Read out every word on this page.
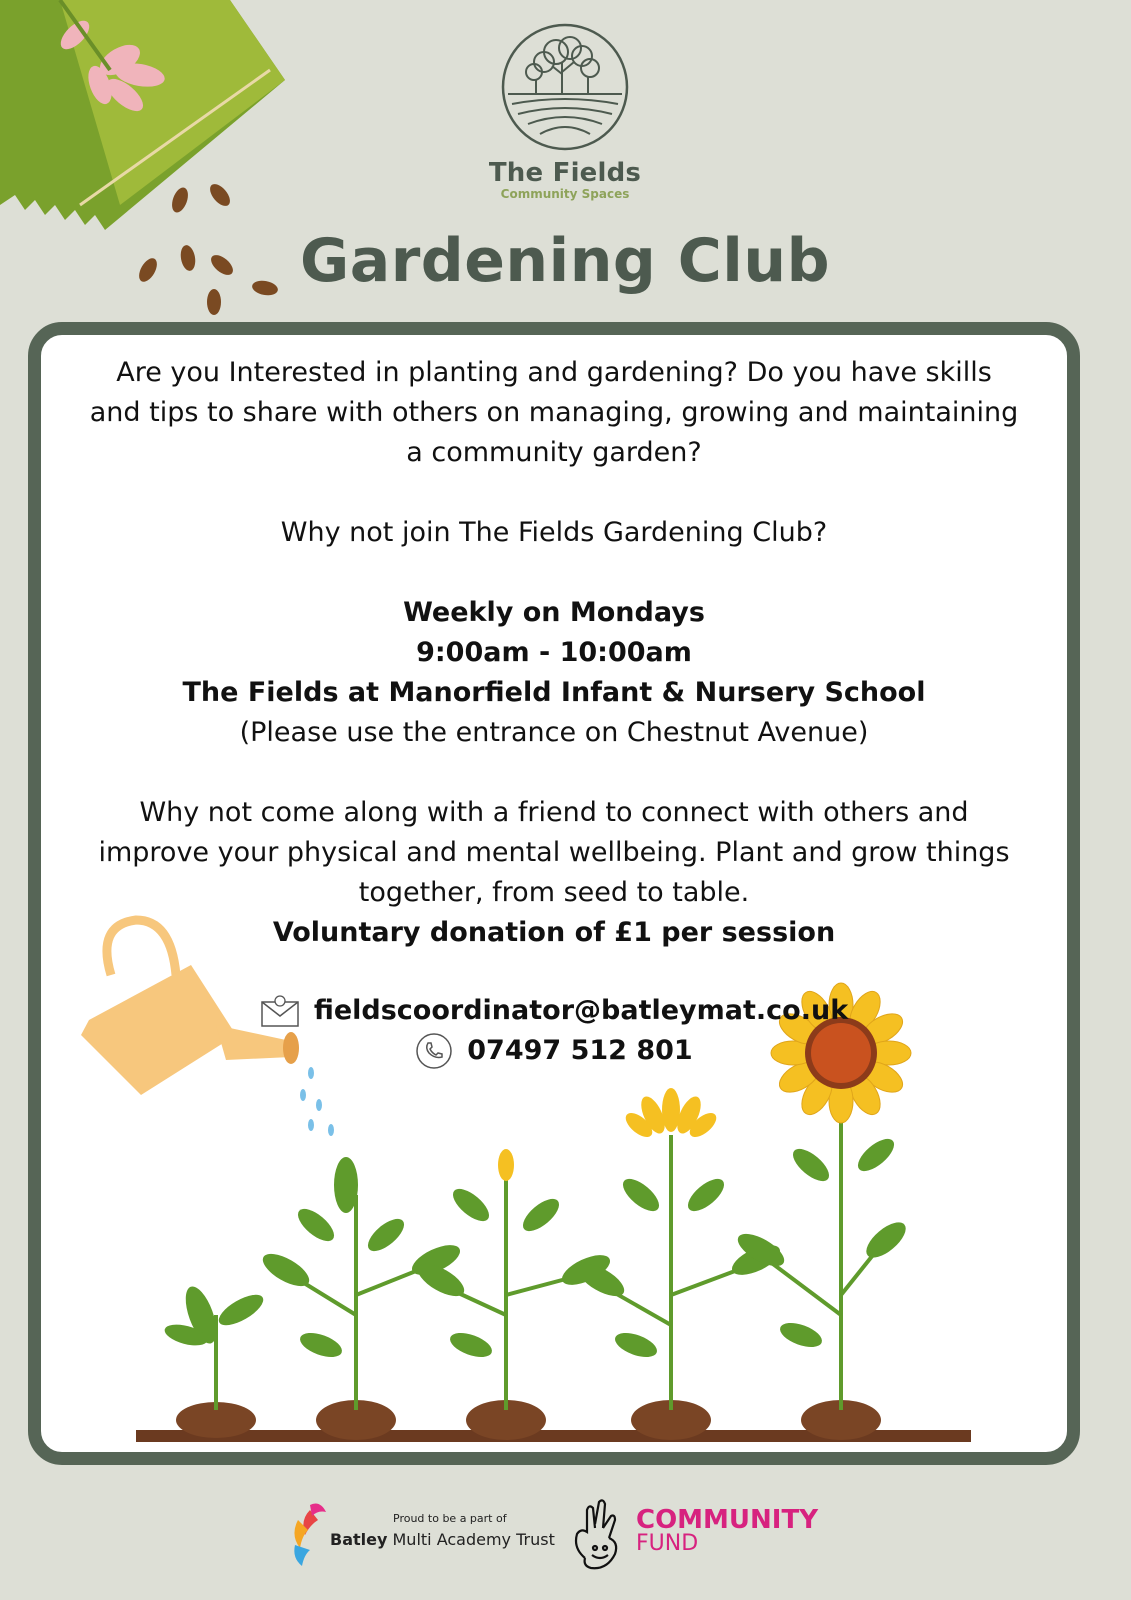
The Fields
Community Spaces
Gardening Club

Are you Interested in planting and gardening? Do you have skills and tips to share with others on managing, growing and maintaining a community garden?

Why not join The Fields Gardening Club?

Weekly on Mondays

9:00am - 10:00am

The Fields at Manorfield Infant & Nursery School

(Please use the entrance on Chestnut Avenue)

Why not come along with a friend to connect with others and improve your physical and mental wellbeing. Plant and grow things together, from seed to table.

Voluntary donation of £1 per session

fieldscoordinator@batleymat.co.uk
07497 512 801
Proud to be a part of
Batley Multi Academy Trust
COMMUNITY
FUND
